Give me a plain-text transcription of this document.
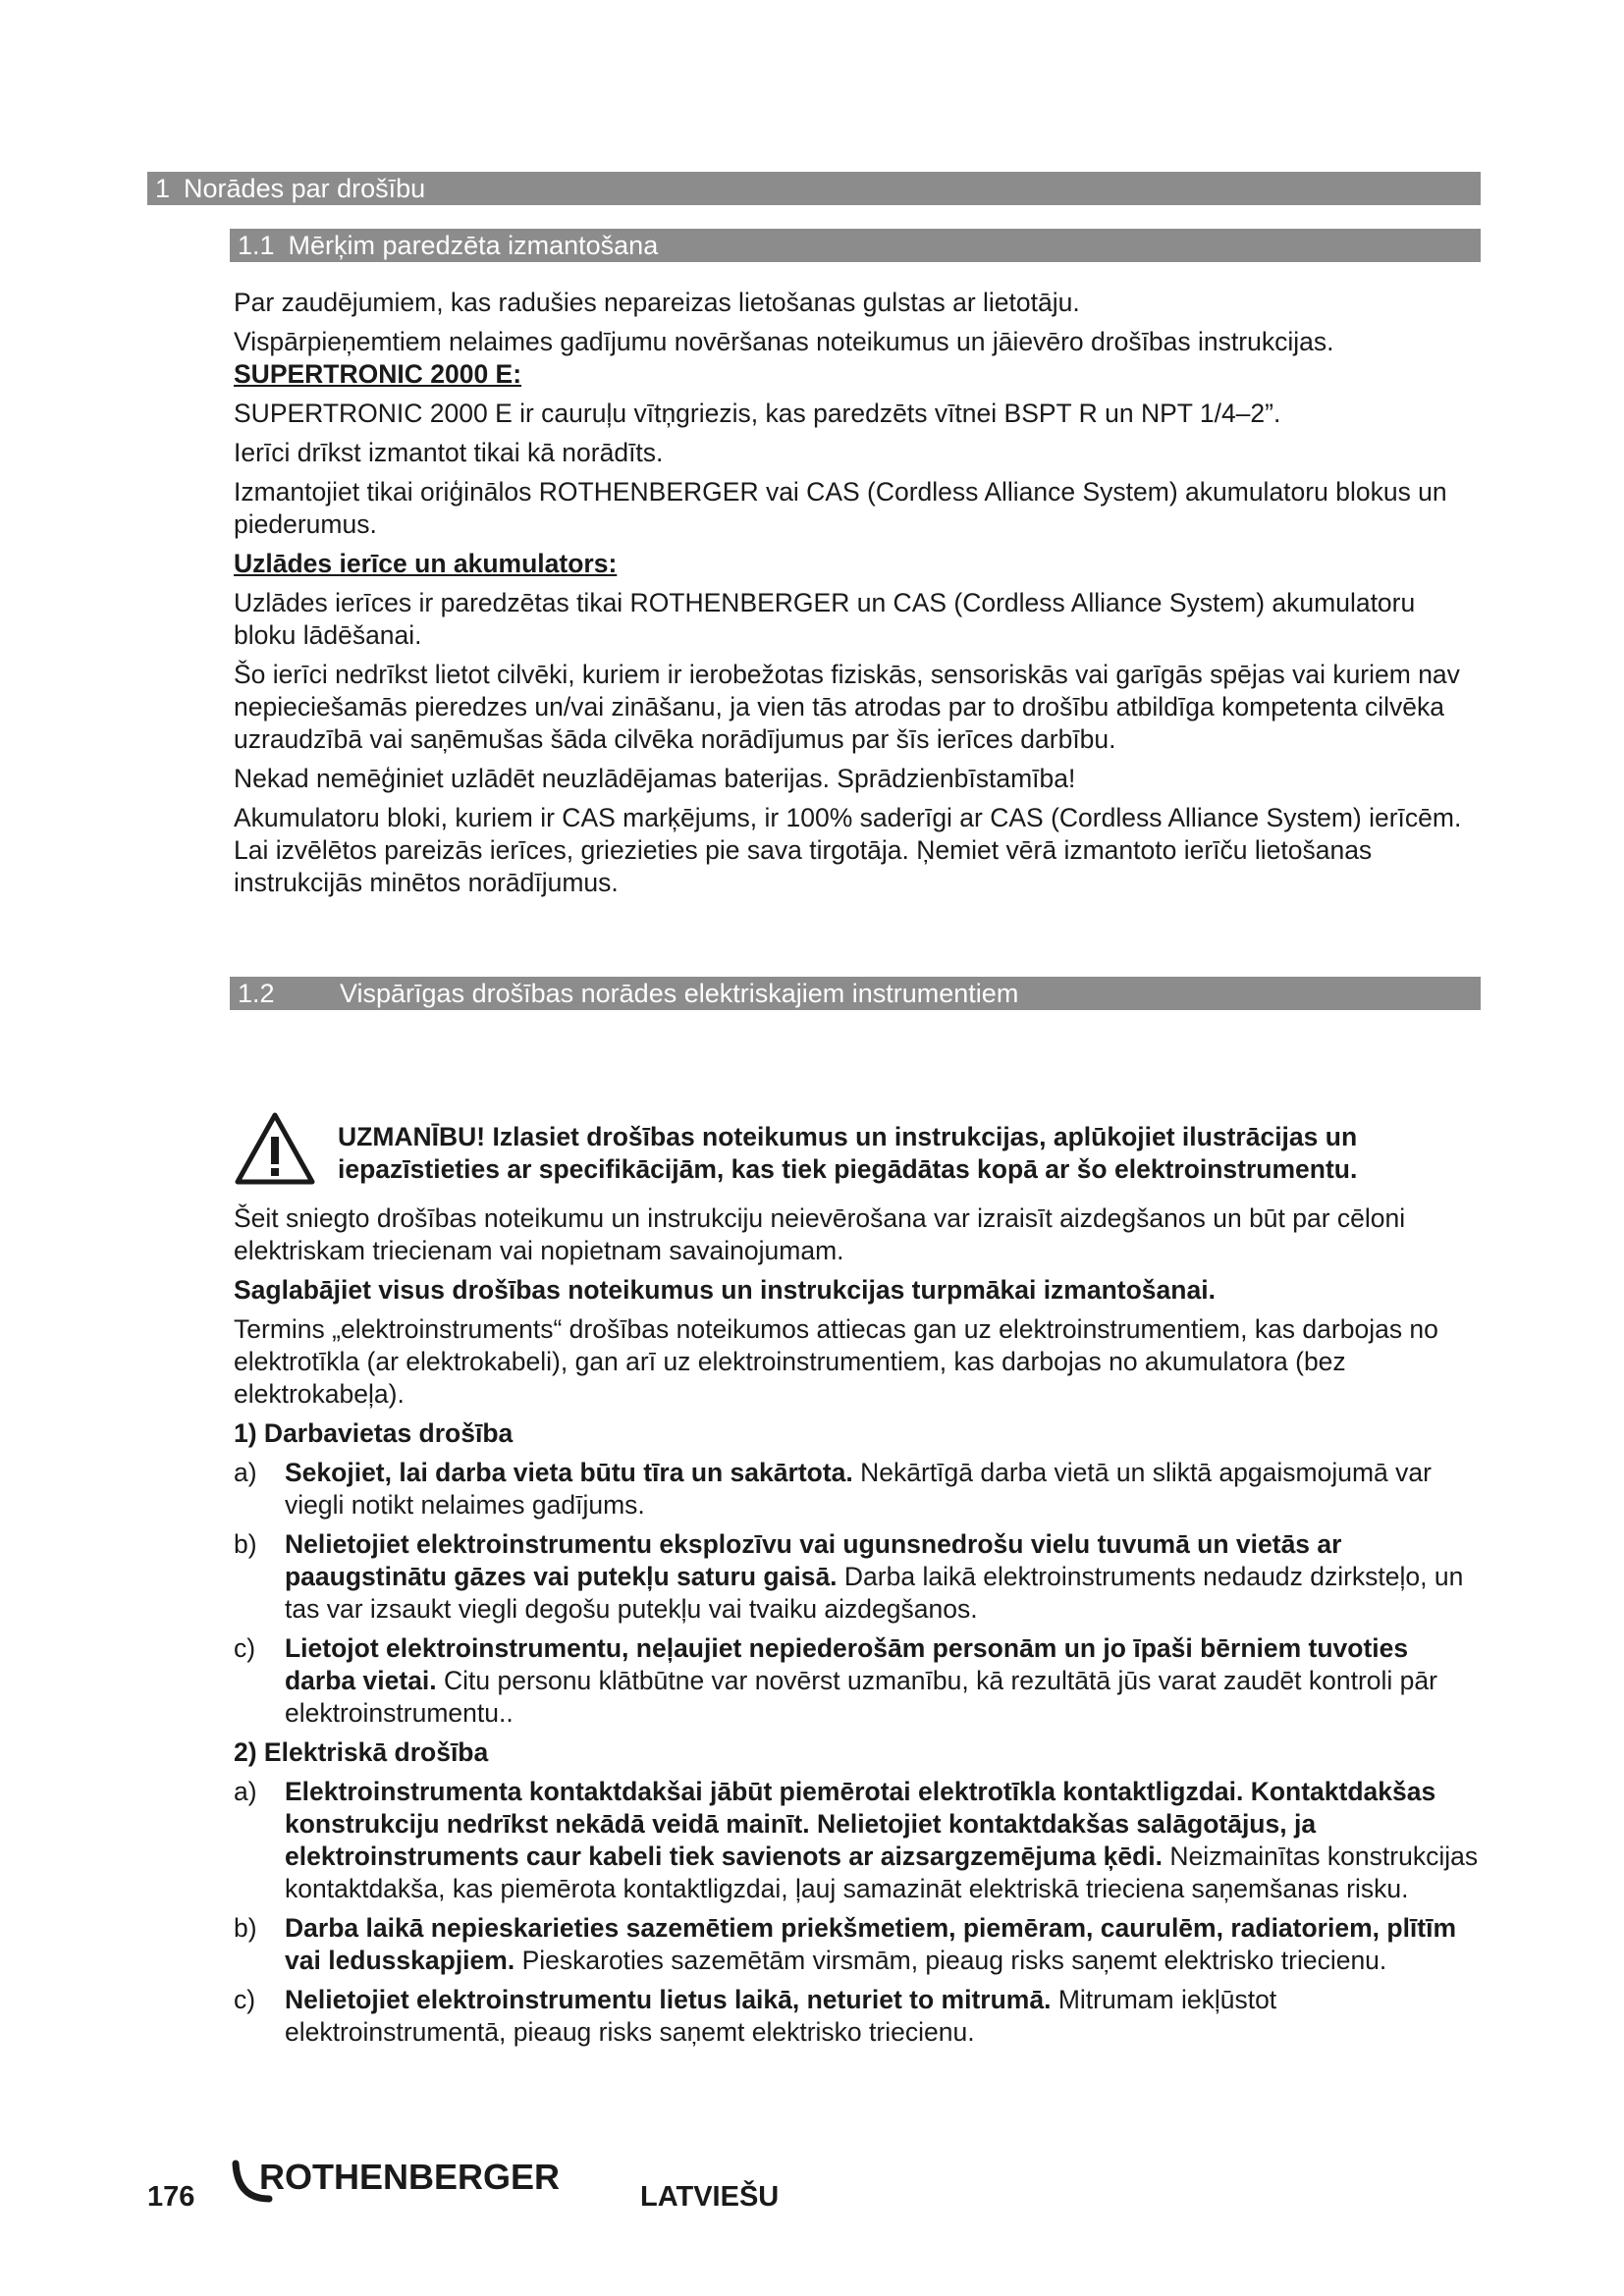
1 Norādes par drošību
1.1 Mērķim paredzēta izmantošana

Par zaudējumiem, kas radušies nepareizas lietošanas gulstas ar lietotāju.

Vispārpieņemtiem nelaimes gadījumu novēršanas noteikumus un jāievēro drošības instrukcijas.

SUPERTRONIC 2000 E:

SUPERTRONIC 2000 E ir cauruļu vītņgriezis, kas paredzēts vītnei BSPT R un NPT 1/4–2”.

Ierīci drīkst izmantot tikai kā norādīts.

Izmantojiet tikai oriģinālos ROTHENBERGER vai CAS (Cordless Alliance System) akumulatoru blokus un piederumus.

Uzlādes ierīce un akumulators:

Uzlādes ierīces ir paredzētas tikai ROTHENBERGER un CAS (Cordless Alliance System) akumulatoru bloku lādēšanai.

Šo ierīci nedrīkst lietot cilvēki, kuriem ir ierobežotas fiziskās, sensoriskās vai garīgās spējas vai kuriem nav nepieciešamās pieredzes un/vai zināšanu, ja vien tās atrodas par to drošību atbildīga kompetenta cilvēka uzraudzībā vai saņēmušas šāda cilvēka norādījumus par šīs ierīces darbību.

Nekad nemēģiniet uzlādēt neuzlādējamas baterijas. Sprādzienbīstamība!

Akumulatoru bloki, kuriem ir CAS marķējums, ir 100% saderīgi ar CAS (Cordless Alliance System) ierīcēm. Lai izvēlētos pareizās ierīces, griezieties pie sava tirgotāja. Ņemiet vērā izmantoto ierīču lietošanas instrukcijās minētos norādījumus.

1.2 Vispārīgas drošības norādes elektriskajiem instrumentiem

UZMANĪBU! Izlasiet drošības noteikumus un instrukcijas, aplūkojiet ilustrācijas un iepazīstieties ar specifikācijām, kas tiek piegādātas kopā ar šo elektroinstrumentu.

Šeit sniegto drošības noteikumu un instrukciju neievērošana var izraisīt aizdegšanos un būt par cēloni elektriskam triecienam vai nopietnam savainojumam.

Saglabājiet visus drošības noteikumus un instrukcijas turpmākai izmantošanai.

Termins „elektroinstruments“ drošības noteikumos attiecas gan uz elektroinstrumentiem, kas darbojas no elektrotīkla (ar elektrokabeli), gan arī uz elektroinstrumentiem, kas darbojas no akumulatora (bez elektrokabeļa).

1) Darbavietas drošība

a) Sekojiet, lai darba vieta būtu tīra un sakārtota. Nekārtīgā darba vietā un sliktā apgaismojumā var viegli notikt nelaimes gadījums.

b) Nelietojiet elektroinstrumentu eksplozīvu vai ugunsnedrošu vielu tuvumā un vietās ar paaugstinātu gāzes vai putekļu saturu gaisā. Darba laikā elektroinstruments nedaudz dzirksteļo, un tas var izsaukt viegli degošu putekļu vai tvaiku aizdegšanos.

c) Lietojot elektroinstrumentu, neļaujiet nepiederošām personām un jo īpaši bērniem tuvoties darba vietai. Citu personu klātbūtne var novērst uzmanību, kā rezultātā jūs varat zaudēt kontroli pār elektroinstrumentu..

2) Elektriskā drošība

a) Elektroinstrumenta kontaktdakšai jābūt piemērotai elektrotīkla kontaktligzdai. Kontaktdakšas konstrukciju nedrīkst nekādā veidā mainīt. Nelietojiet kontaktdakšas salāgotājus, ja elektroinstruments caur kabeli tiek savienots ar aizsargzemējuma ķēdi. Neizmainītas konstrukcijas kontaktdakša, kas piemērota kontaktligzdai, ļauj samazināt elektriskā trieciena saņemšanas risku.

b) Darba laikā nepieskarieties sazemētiem priekšmetiem, piemēram, caurulēm, radiatoriem, plītīm vai ledusskapjiem. Pieskaroties sazemētām virsmām, pieaug risks saņemt elektrisko triecienu.

c) Nelietojiet elektroinstrumentu lietus laikā, neturiet to mitrumā. Mitrumam iekļūstot elektroinstrumentā, pieaug risks saņemt elektrisko triecienu.

176 ROTHENBERGER	LATVIEŠU
